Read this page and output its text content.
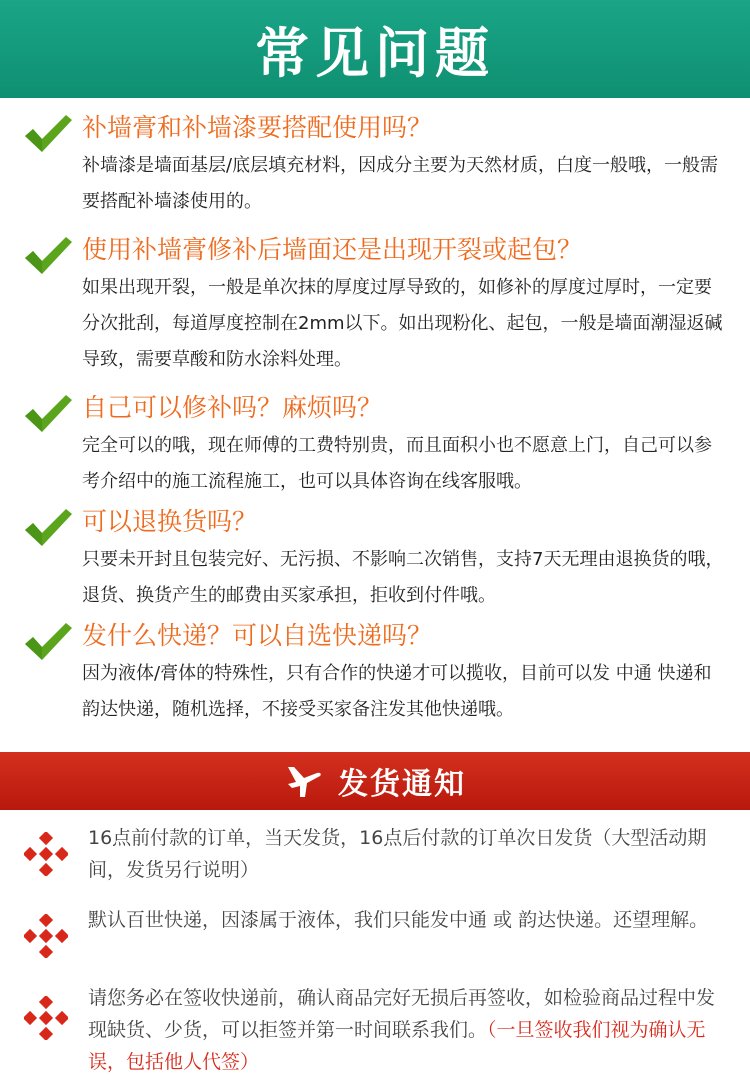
常见问题
补墙膏和补墙漆要搭配使用吗？

补墙漆是墙面基层/底层填充材料，因成分主要为天然材质，白度一般哦，一般需要搭配补墙漆使用的。

使用补墙膏修补后墙面还是出现开裂或起包？

如果出现开裂，一般是单次抹的厚度过厚导致的，如修补的厚度过厚时，一定要分次批刮，每道厚度控制在2mm以下。如出现粉化、起包，一般是墙面潮湿返碱导致，需要草酸和防水涂料处理。

自己可以修补吗？麻烦吗？

完全可以的哦，现在师傅的工费特别贵，而且面积小也不愿意上门，自己可以参考介绍中的施工流程施工，也可以具体咨询在线客服哦。

可以退换货吗？

只要未开封且包装完好、无污损、不影响二次销售，支持7天无理由退换货的哦，退货、换货产生的邮费由买家承担，拒收到付件哦。

发什么快递？可以自选快递吗？

因为液体/膏体的特殊性，只有合作的快递才可以揽收，目前可以发 中通 快递和韵达快递，随机选择，不接受买家备注发其他快递哦。

发货通知

16点前付款的订单，当天发货，16点后付款的订单次日发货（大型活动期间，发货另行说明）

默认百世快递，因漆属于液体，我们只能发中通 或 韵达快递。还望理解。

请您务必在签收快递前，确认商品完好无损后再签收，如检验商品过程中发现缺货、少货，可以拒签并第一时间联系我们。（一旦签收我们视为确认无误，包括他人代签）
